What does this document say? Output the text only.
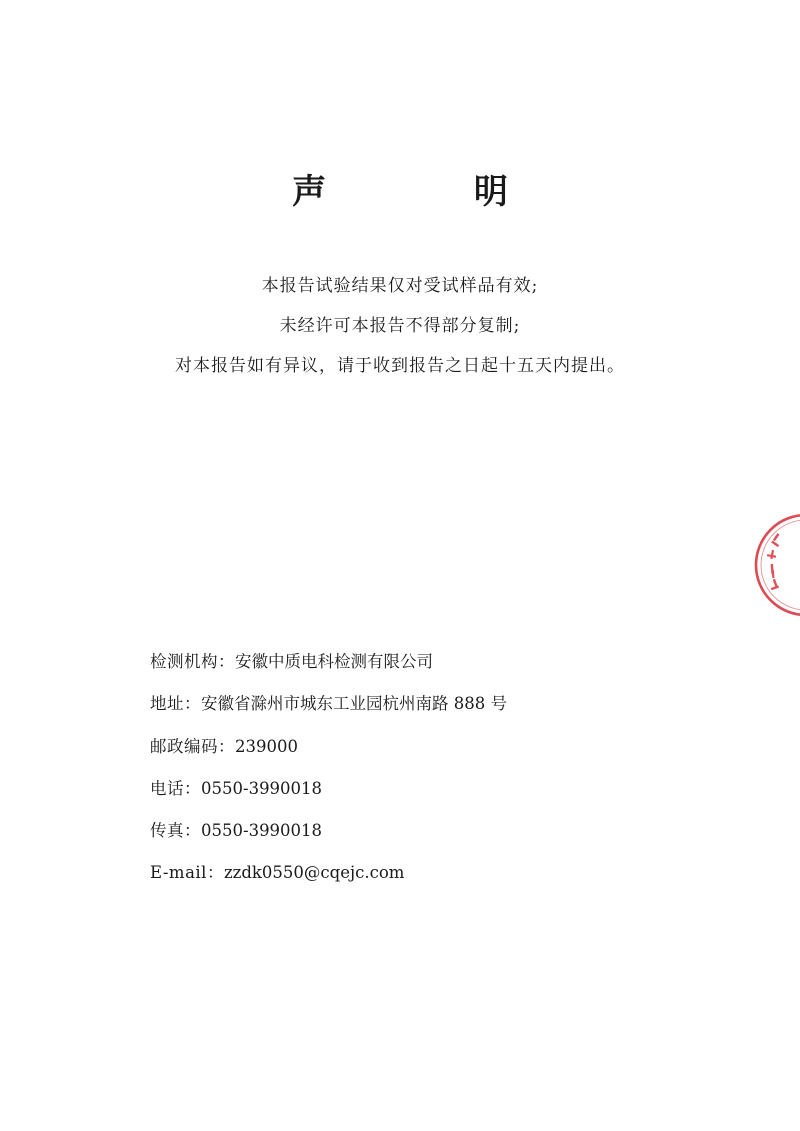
声 明
本报告试验结果仅对受试样品有效;
未经许可本报告不得部分复制;
对本报告如有异议，请于收到报告之日起十五天内提出。
检测机构：安徽中质电科检测有限公司
地址：安徽省滁州市城东工业园杭州南路 888 号
邮政编码：239000
电话：0550-3990018
传真：0550-3990018
E-mail：zzdk0550@cqejc.com
